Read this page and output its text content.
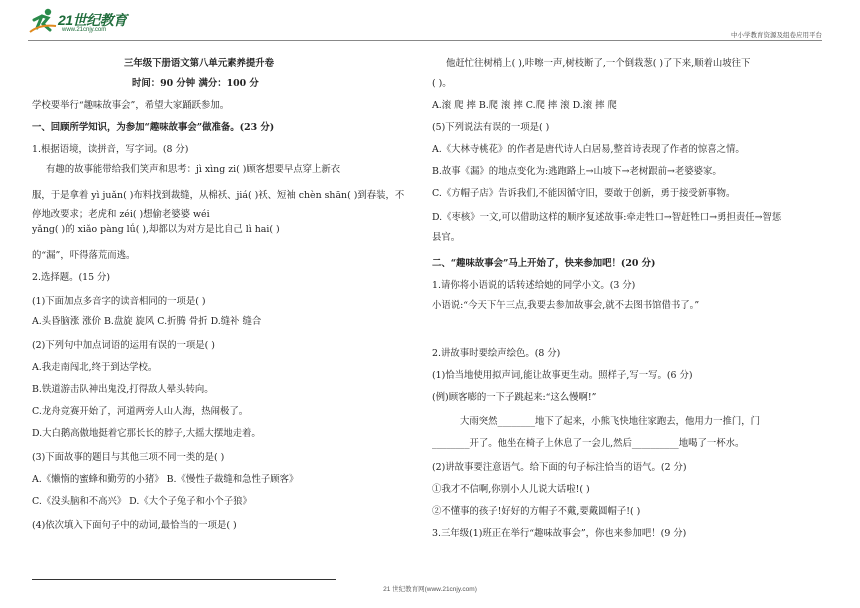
21世纪教育
www.21cnjy.com
中小学教育资源及组卷应用平台
三年级下册语文第八单元素养提升卷
时间：90 分钟 满分：100 分
学校要举行“趣味故事会”，希望大家踊跃参加。
一、回顾所学知识，为参加“趣味故事会”做准备。(23 分)
1.根据语境，读拼音，写字词。(8 分)
有趣的故事能带给我们笑声和思考：jì xìng zi( )顾客想要早点穿上新衣
服，于是拿着 yì juǎn( )布料找到裁缝，从棉袄、jiá( )袄、短袖 chèn shān( )到春装，不停地改要求；老虎和 zéi( )想偷老婆婆 wéi
yǎng( )的 xiǎo pàng lǘ( ),却都以为对方是比自己 lì hai( )
的“漏”，吓得落荒而逃。
2.选择题。(15 分)
(1)下面加点多音字的读音相同的一项是( )
A.头昏脑涨 涨价 B.盘旋 旋风 C.折腾 骨折 D.缝补 缝合
(2)下列句中加点词语的运用有误的一项是( )
A.我走南闯北,终于到达学校。
B.铁道游击队神出鬼没,打得敌人晕头转向。
C.龙舟竞赛开始了，河道两旁人山人海，热闹极了。
D.大白鹅高傲地挺着它那长长的脖子,大摇大摆地走着。
(3)下面故事的题目与其他三项不同一类的是( )
A.《懒惰的蜜蜂和勤劳的小猪》 B.《慢性子裁缝和急性子顾客》
C.《没头脑和不高兴》 D.《大个子兔子和小个子狼》
(4)依次填入下面句子中的动词,最恰当的一项是( )
他赶忙往树梢上( ),咔嚓一声,树枝断了,一个倒栽葱( )了下来,顺着山坡往下
( )。
A.滚 爬 摔 B.爬 滚 摔 C.爬 摔 滚 D.滚 摔 爬
(5)下列说法有误的一项是( )
A.《大林寺桃花》的作者是唐代诗人白居易,整首诗表现了作者的惊喜之情。
B.故事《漏》的地点变化为:逃跑路上→山坡下→老树跟前→老婆婆家。
C.《方帽子店》告诉我们,不能因循守旧，要敢于创新，勇于接受新事物。
D.《枣核》一文,可以借助这样的顺序复述故事:牵走牲口→智赶牲口→勇担责任→智惩
县官。
二、“趣味故事会”马上开始了，快来参加吧！(20 分)
1.请你将小语说的话转述给她的同学小文。(3 分)
小语说:“今天下午三点,我要去参加故事会,就不去图书馆借书了。”
2.讲故事时要绘声绘色。(8 分)
(1)恰当地使用拟声词,能让故事更生动。照样子,写一写。(6 分)
(例)顾客嘭的一下子跳起来:“这么慢啊!”
大雨突然________地下了起来，小熊飞快地往家跑去，他用力一推门，门
________开了。他坐在椅子上休息了一会儿,然后__________地喝了一杯水。
(2)讲故事要注意语气。给下面的句子标注恰当的语气。(2 分)
①我才不信啊,你别小人儿说大话啦!( )
②不懂事的孩子!好好的方帽子不戴,要戴圆帽子!( )
3.三年级(1)班正在举行“趣味故事会”，你也来参加吧！(9 分)
21 世纪教育网(www.21cnjy.com)
